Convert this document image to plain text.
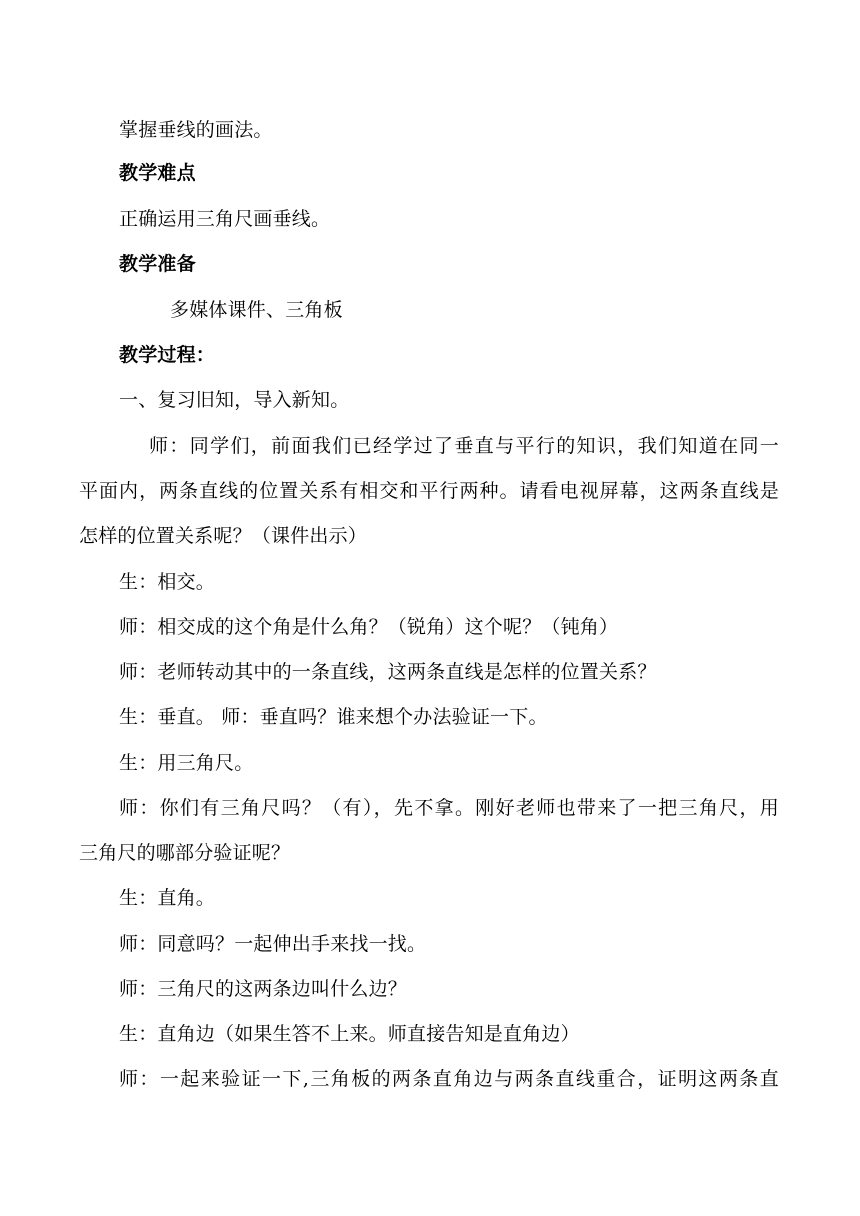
掌握垂线的画法。
教学难点
正确运用三角尺画垂线。
教学准备
多媒体课件、三角板
教学过程：
一、复习旧知，导入新知。
师：同学们，前面我们已经学过了垂直与平行的知识，我们知道在同一
平面内，两条直线的位置关系有相交和平行两种。请看电视屏幕，这两条直线是
怎样的位置关系呢？（课件出示）
生：相交。
师：相交成的这个角是什么角？（锐角）这个呢？（钝角）
师：老师转动其中的一条直线，这两条直线是怎样的位置关系？
生：垂直。 师：垂直吗？谁来想个办法验证一下。
生：用三角尺。
师：你们有三角尺吗？（有），先不拿。刚好老师也带来了一把三角尺，用
三角尺的哪部分验证呢？
生：直角。
师：同意吗？一起伸出手来找一找。
师：三角尺的这两条边叫什么边？
生：直角边（如果生答不上来。师直接告知是直角边）
师：一起来验证一下,三角板的两条直角边与两条直线重合，证明这两条直
